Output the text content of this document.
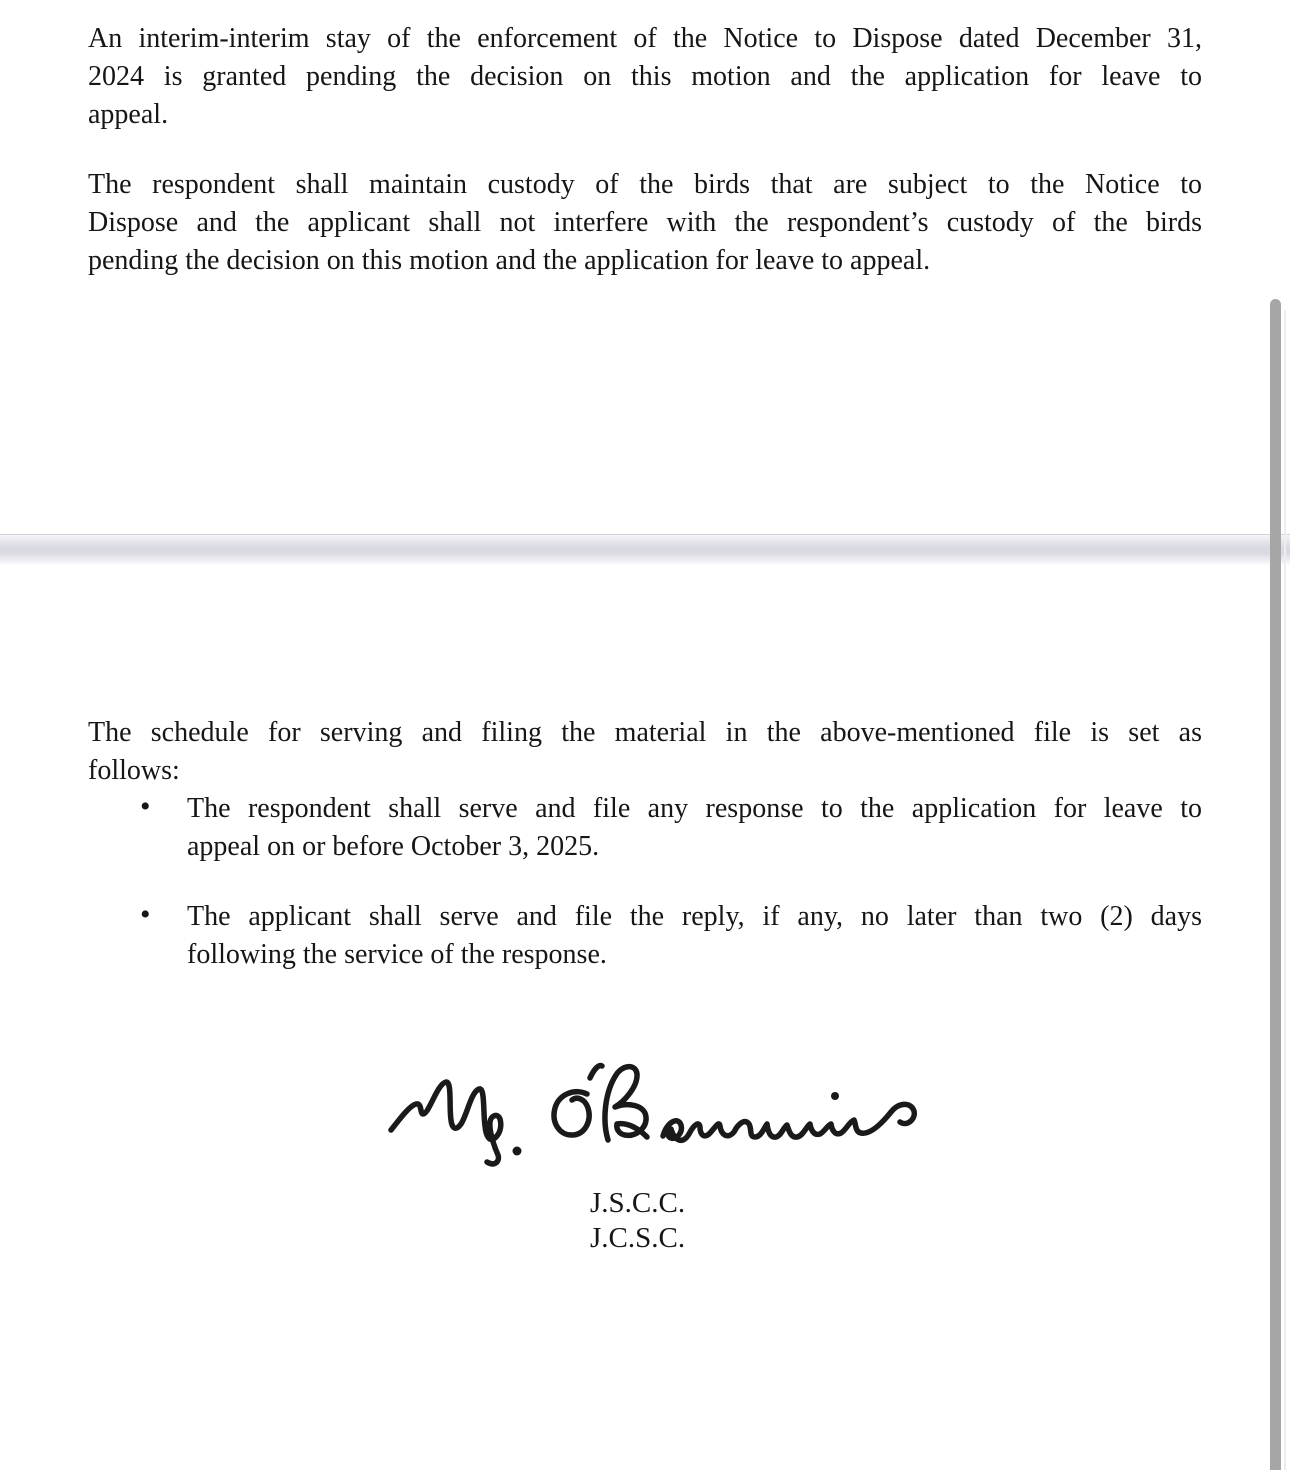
An interim-interim stay of the enforcement of the Notice to Dispose dated December 31,
2024 is granted pending the decision on this motion and the application for leave to
appeal.
The respondent shall maintain custody of the birds that are subject to the Notice to
Dispose and the applicant shall not interfere with the respondent’s custody of the birds
pending the decision on this motion and the application for leave to appeal.
The schedule for serving and filing the material in the above-mentioned file is set as
follows:
• The respondent shall serve and file any response to the application for leave to
appeal on or before October 3, 2025.
• The applicant shall serve and file the reply, if any, no later than two (2) days
following the service of the response.
J.S.C.C.
J.C.S.C.
